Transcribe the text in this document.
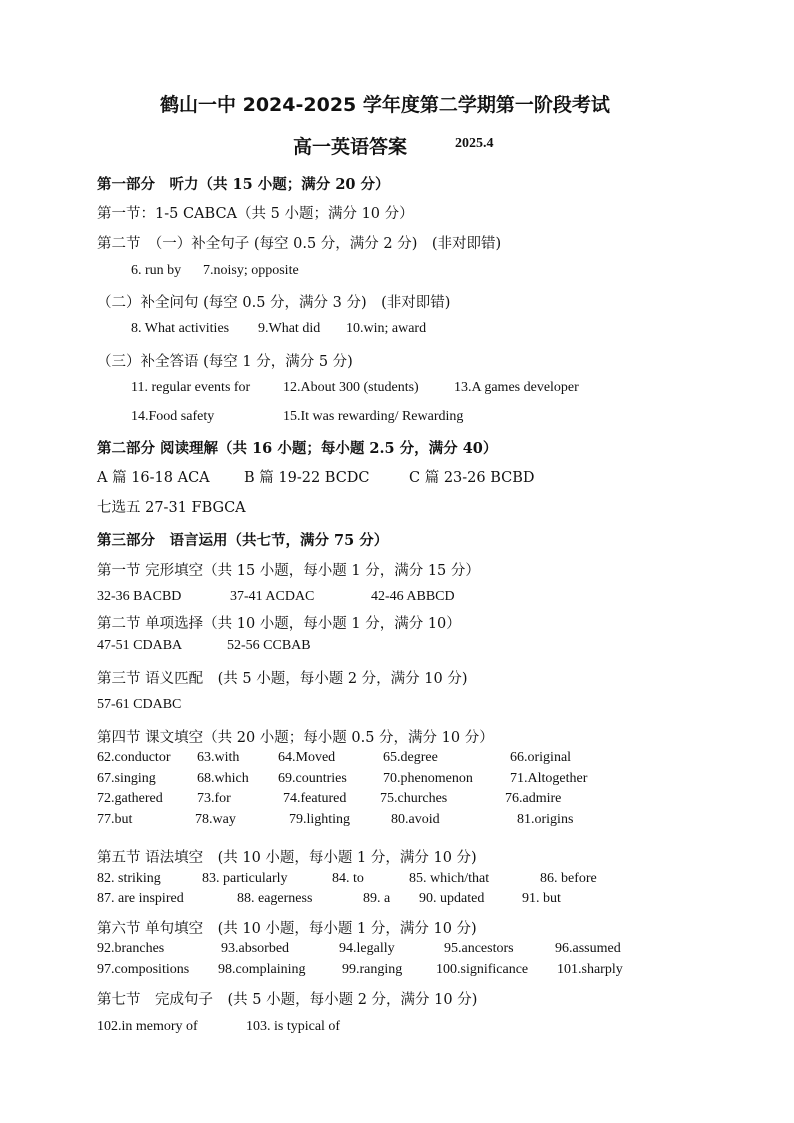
鹤山一中 2024-2025 学年度第二学期第一阶段考试
高一英语答案	2025.4
第一部分　听力（共 15 小题；满分 20 分）
第一节：1-5 CABCA（共 5 小题；满分 10 分）
第二节　（一）补全句子 (每空 0.5 分，满分 2 分)　(非对即错)
6. run by 7.noisy; opposite
（二）补全问句 (每空 0.5 分，满分 3 分)　(非对即错)
8. What activities 9.What did 10.win; award
（三）补全答语 (每空 1 分，满分 5 分)
11. regular events for 12.About 300 (students)	13.A games developer
14.Food safety	15.It was rewarding/ Rewarding
第二部分 阅读理解（共 16 小题；每小题 2.5 分，满分 40）
A 篇 16-18 ACA B 篇 19-22 BCDC	C 篇 23-26 BCBD
七选五 27-31 FBGCA
第三部分　语言运用（共七节，满分 75 分）
第一节 完形填空（共 15 小题，每小题 1 分，满分 15 分）
32-36 BACBD	37-41 ACDAC	42-46 ABBCD
第二节 单项选择（共 10 小题，每小题 1 分，满分 10）
47-51 CDABA	52-56 CCBAB
第三节 语义匹配　(共 5 小题，每小题 2 分，满分 10 分)
57-61 CDABC
第四节 课文填空（共 20 小题；每小题 0.5 分，满分 10 分）
62.conductor 63.with	64.Moved	65.degree	66.original
67.singing	68.which 69.countries	70.phenomenon	71.Altogether
72.gathered 73.for	74.featured 75.churches	76.admire
77.but	78.way	79.lighting	80.avoid	81.origins
第五节 语法填空　(共 10 小题，每小题 1 分，满分 10 分)
82. striking	83. particularly	84. to	85. which/that	86. before
87. are inspired	88. eagerness	89. a 90. updated	91. but
第六节 单句填空　(共 10 小题，每小题 1 分，满分 10 分)
92.branches	93.absorbed	94.legally	95.ancestors	96.assumed
97.compositions 98.complaining	99.ranging 100.significance 101.sharply
第七节　完成句子　(共 5 小题，每小题 2 分，满分 10 分)
102.in memory of	103. is typical of
